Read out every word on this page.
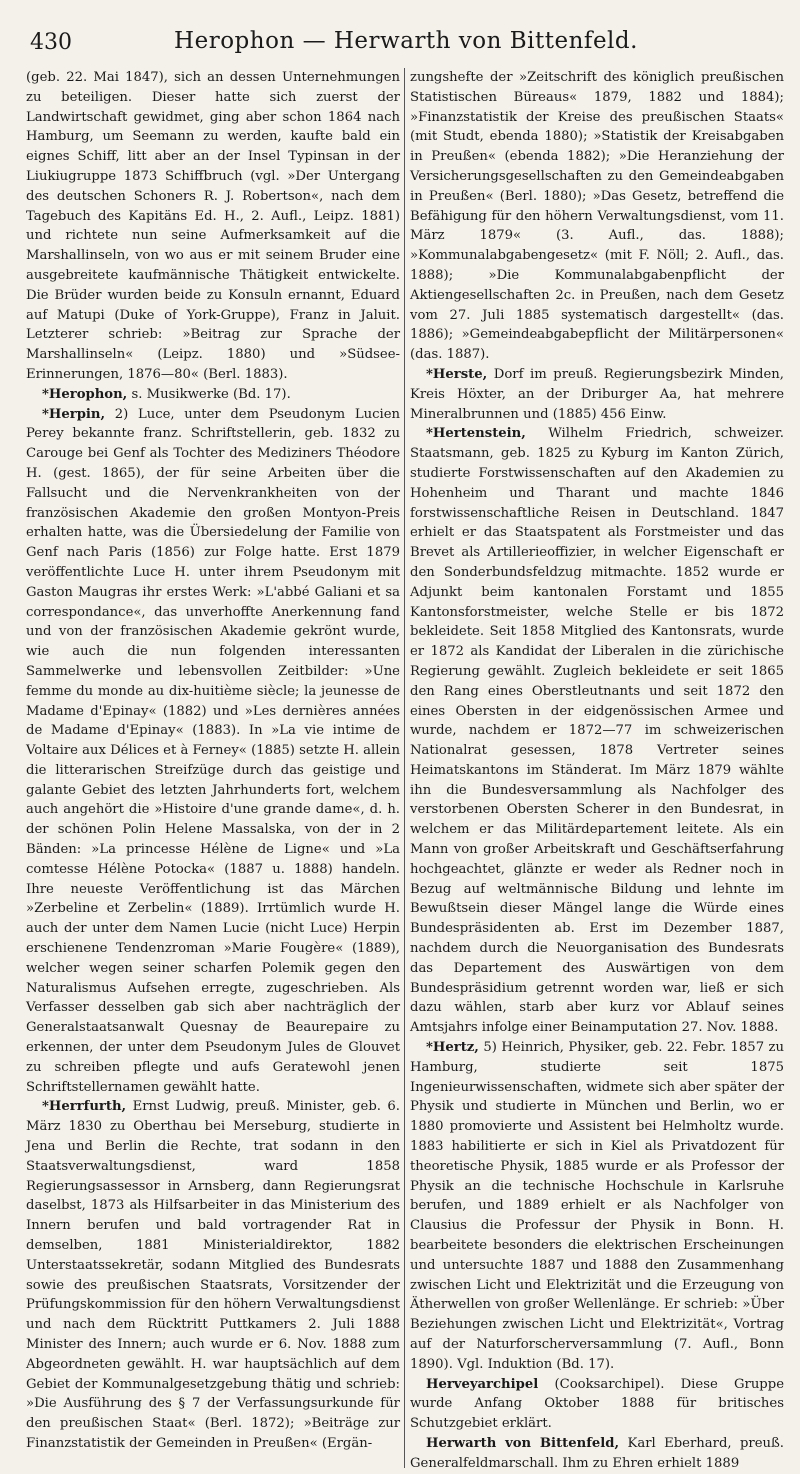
430	Herophon — Herwarth von Bittenfeld.

(geb. 22. Mai 1847), sich an dessen Unternehmungen zu beteiligen. Dieser hatte sich zuerst der Landwirtschaft gewidmet, ging aber schon 1864 nach Hamburg, um Seemann zu werden, kaufte bald ein eignes Schiff, litt aber an der Insel Typinsan in der Liukiugruppe 1873 Schiffbruch (vgl. »Der Untergang des deutschen Schoners R. J. Robertson«, nach dem Tagebuch des Kapitäns Ed. H., 2. Aufl., Leipz. 1881) und richtete nun seine Aufmerksamkeit auf die Marshallinseln, von wo aus er mit seinem Bruder eine ausgebreitete kaufmännische Thätigkeit entwickelte. Die Brüder wurden beide zu Konsuln ernannt, Eduard auf Matupi (Duke of York-Gruppe), Franz in Jaluit. Letzterer schrieb: »Beitrag zur Sprache der Marshallinseln« (Leipz. 1880) und »Südsee-Erinnerungen, 1876—80« (Berl. 1883).

*Herophon, s. Musikwerke (Bd. 17).

*Herpin, 2) Luce, unter dem Pseudonym Lucien Perey bekannte franz. Schriftstellerin, geb. 1832 zu Carouge bei Genf als Tochter des Mediziners Théodore H. (gest. 1865), der für seine Arbeiten über die Fallsucht und die Nervenkrankheiten von der französischen Akademie den großen Montyon-Preis erhalten hatte, was die Übersiedelung der Familie von Genf nach Paris (1856) zur Folge hatte. Erst 1879 veröffentlichte Luce H. unter ihrem Pseudonym mit Gaston Maugras ihr erstes Werk: »L'abbé Galiani et sa correspondance«, das unverhoffte Anerkennung fand und von der französischen Akademie gekrönt wurde, wie auch die nun folgenden interessanten Sammelwerke und lebensvollen Zeitbilder: »Une femme du monde au dix-huitième siècle; la jeunesse de Madame d'Epinay« (1882) und »Les dernières années de Madame d'Epinay« (1883). In »La vie intime de Voltaire aux Délices et à Ferney« (1885) setzte H. allein die litterarischen Streifzüge durch das geistige und galante Gebiet des letzten Jahrhunderts fort, welchem auch angehört die »Histoire d'une grande dame«, d. h. der schönen Polin Helene Massalska, von der in 2 Bänden: »La princesse Hélène de Ligne« und »La comtesse Hélène Potocka« (1887 u. 1888) handeln. Ihre neueste Veröffentlichung ist das Märchen »Zerbeline et Zerbelin« (1889). Irrtümlich wurde H. auch der unter dem Namen Lucie (nicht Luce) Herpin erschienene Tendenzroman »Marie Fougère« (1889), welcher wegen seiner scharfen Polemik gegen den Naturalismus Aufsehen erregte, zugeschrieben. Als Verfasser desselben gab sich aber nachträglich der Generalstaatsanwalt Quesnay de Beaurepaire zu erkennen, der unter dem Pseudonym Jules de Glouvet zu schreiben pflegte und aufs Geratewohl jenen Schriftstellernamen gewählt hatte.

*Herrfurth, Ernst Ludwig, preuß. Minister, geb. 6. März 1830 zu Oberthau bei Merseburg, studierte in Jena und Berlin die Rechte, trat sodann in den Staatsverwaltungsdienst, ward 1858 Regierungsassessor in Arnsberg, dann Regierungsrat daselbst, 1873 als Hilfsarbeiter in das Ministerium des Innern berufen und bald vortragender Rat in demselben, 1881 Ministerialdirektor, 1882 Unterstaatssekretär, sodann Mitglied des Bundesrats sowie des preußischen Staatsrats, Vorsitzender der Prüfungskommission für den höhern Verwaltungsdienst und nach dem Rücktritt Puttkamers 2. Juli 1888 Minister des Innern; auch wurde er 6. Nov. 1888 zum Abgeordneten gewählt. H. war hauptsächlich auf dem Gebiet der Kommunalgesetzgebung thätig und schrieb: »Die Ausführung des § 7 der Verfassungsurkunde für den preußischen Staat« (Berl. 1872); »Beiträge zur Finanzstatistik der Gemeinden in Preußen« (Ergän-

zungshefte der »Zeitschrift des königlich preußischen Statistischen Büreaus« 1879, 1882 und 1884); »Finanzstatistik der Kreise des preußischen Staats« (mit Studt, ebenda 1880); »Statistik der Kreisabgaben in Preußen« (ebenda 1882); »Die Heranziehung der Versicherungsgesellschaften zu den Gemeindeabgaben in Preußen« (Berl. 1880); »Das Gesetz, betreffend die Befähigung für den höhern Verwaltungsdienst, vom 11. März 1879« (3. Aufl., das. 1888); »Kommunalabgabengesetz« (mit F. Nöll; 2. Aufl., das. 1888); »Die Kommunalabgabenpflicht der Aktiengesellschaften 2c. in Preußen, nach dem Gesetz vom 27. Juli 1885 systematisch dargestellt« (das. 1886); »Gemeindeabgabepflicht der Militärpersonen« (das. 1887).

*Herste, Dorf im preuß. Regierungsbezirk Minden, Kreis Höxter, an der Driburger Aa, hat mehrere Mineralbrunnen und (1885) 456 Einw.

*Hertenstein, Wilhelm Friedrich, schweizer. Staatsmann, geb. 1825 zu Kyburg im Kanton Zürich, studierte Forstwissenschaften auf den Akademien zu Hohenheim und Tharant und machte 1846 forstwissenschaftliche Reisen in Deutschland. 1847 erhielt er das Staatspatent als Forstmeister und das Brevet als Artillerieoffizier, in welcher Eigenschaft er den Sonderbundsfeldzug mitmachte. 1852 wurde er Adjunkt beim kantonalen Forstamt und 1855 Kantonsforstmeister, welche Stelle er bis 1872 bekleidete. Seit 1858 Mitglied des Kantonsrats, wurde er 1872 als Kandidat der Liberalen in die zürichische Regierung gewählt. Zugleich bekleidete er seit 1865 den Rang eines Oberstleutnants und seit 1872 den eines Obersten in der eidgenössischen Armee und wurde, nachdem er 1872—77 im schweizerischen Nationalrat gesessen, 1878 Vertreter seines Heimatskantons im Ständerat. Im März 1879 wählte ihn die Bundesversammlung als Nachfolger des verstorbenen Obersten Scherer in den Bundesrat, in welchem er das Militärdepartement leitete. Als ein Mann von großer Arbeitskraft und Geschäftserfahrung hochgeachtet, glänzte er weder als Redner noch in Bezug auf weltmännische Bildung und lehnte im Bewußtsein dieser Mängel lange die Würde eines Bundespräsidenten ab. Erst im Dezember 1887, nachdem durch die Neuorganisation des Bundesrats das Departement des Auswärtigen von dem Bundespräsidium getrennt worden war, ließ er sich dazu wählen, starb aber kurz vor Ablauf seines Amtsjahrs infolge einer Beinamputation 27. Nov. 1888.

*Hertz, 5) Heinrich, Physiker, geb. 22. Febr. 1857 zu Hamburg, studierte seit 1875 Ingenieurwissenschaften, widmete sich aber später der Physik und studierte in München und Berlin, wo er 1880 promovierte und Assistent bei Helmholtz wurde. 1883 habilitierte er sich in Kiel als Privatdozent für theoretische Physik, 1885 wurde er als Professor der Physik an die technische Hochschule in Karlsruhe berufen, und 1889 erhielt er als Nachfolger von Clausius die Professur der Physik in Bonn. H. bearbeitete besonders die elektrischen Erscheinungen und untersuchte 1887 und 1888 den Zusammenhang zwischen Licht und Elektrizität und die Erzeugung von Ätherwellen von großer Wellenlänge. Er schrieb: »Über Beziehungen zwischen Licht und Elektrizität«, Vortrag auf der Naturforscherversammlung (7. Aufl., Bonn 1890). Vgl. Induktion (Bd. 17).

Herveyarchipel (Cooksarchipel). Diese Gruppe wurde Anfang Oktober 1888 für britisches Schutzgebiet erklärt.

Herwarth von Bittenfeld, Karl Eberhard, preuß. Generalfeldmarschall. Ihm zu Ehren erhielt 1889
